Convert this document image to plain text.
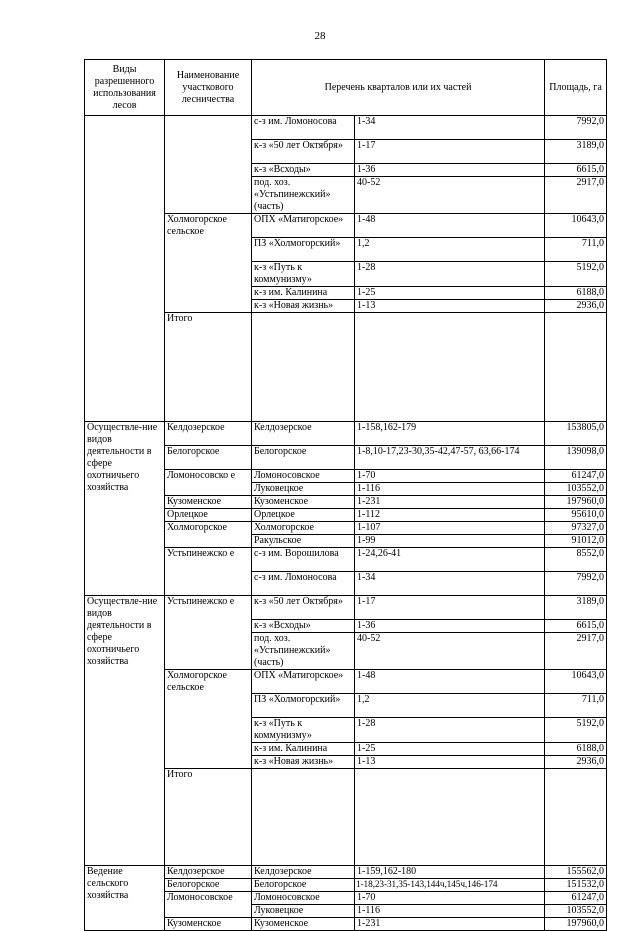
28
Виды разрешенного использования лесов	Наименование участкового лесничества	Перечень кварталов или их частей		Площадь, га	
		с-з им. Ломоносова	1-34	7992,0	
		к-з «50 лет Октября»	1-17	3189,0	
		к-з «Всходы»	1-36	6615,0	
		под. хоз. «Устьпинежский» (часть)	40-52	2917,0	
	Холмогорское сельское	ОПХ «Матигорское»	1-48	10643,0	
		ПЗ «Холмогорский»	1,2	711,0	
		к-з «Путь к коммунизму»	1-28	5192,0	
		к-з им. Калинина	1-25	6188,0	
		к-з «Новая жизнь»	1-13	2936,0	
	Итого				
Осуществле-ние видов деятельности в сфере охотничьего хозяйства	Келдозерское	Келдозерское	1-158,162-179	153805,0	
	Белогорское	Белогорское	1-8,10-17,23-30,35-42,47-57, 63,66-174	139098,0	
	Ломоносовско е	Ломоносовское	1-70	61247,0	
		Луковецкое	1-116	103552,0	
	Кузоменское	Кузоменское	1-231	197960,0	
	Орлецкое	Орлецкое	1-112	95610,0	
	Холмогорское	Холмогорское	1-107	97327,0	
		Ракульское	1-99	91012,0	
	Устьпинежско е	с-з им. Ворошилова	1-24,26-41	8552,0	
		с-з им. Ломоносова	1-34	7992,0	
Осуществле-ние видов деятельности в сфере охотничьего хозяйства	Устьпинежско е	к-з «50 лет Октября»	1-17	3189,0	
		к-з «Всходы»	1-36	6615,0	
		под. хоз. «Устьпинежский» (часть)	40-52	2917,0	
	Холмогорское сельское	ОПХ «Матигорское»	1-48	10643,0	
		ПЗ «Холмогорский»	1,2	711,0	
		к-з «Путь к коммунизму»	1-28	5192,0	
		к-з им. Калинина	1-25	6188,0	
		к-з «Новая жизнь»	1-13	2936,0	
	Итого				
Ведение сельского хозяйства	Келдозерское	Келдозерское	1-159,162-180	155562,0	
	Белогорское	Белогорское	1-18,23-31,35-143,144ч,145ч,146-174	151532,0	
	Ломоносовское	Ломоносовское	1-70	61247,0	
		Луковецкое	1-116	103552,0	
	Кузоменское	Кузоменское	1-231	197960,0	
